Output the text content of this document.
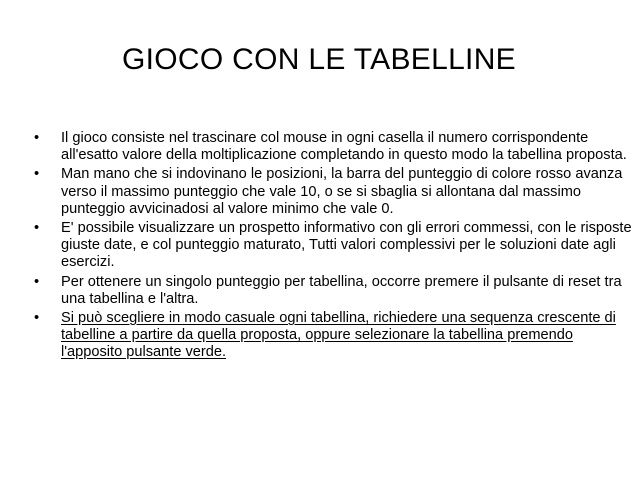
GIOCO CON LE TABELLINE
•	Il gioco consiste nel trascinare col mouse in ogni casella il numero corrispondente all'esatto valore della moltiplicazione completando in questo modo la tabellina proposta.
•	Man mano che si indovinano le posizioni, la barra del punteggio di colore rosso avanza verso il massimo punteggio che vale 10, o se si sbaglia si allontana dal massimo punteggio avvicinadosi al valore minimo che vale 0.
•	E' possibile visualizzare un prospetto informativo con gli errori commessi, con le risposte giuste date, e col punteggio maturato, Tutti valori complessivi per le soluzioni date agli esercizi.
•	Per ottenere un singolo punteggio per tabellina, occorre premere il pulsante di reset tra una tabellina e l'altra.
•	Si può scegliere in modo casuale ogni tabellina, richiedere una sequenza crescente di tabelline a partire da quella proposta, oppure selezionare la tabellina premendo l'apposito pulsante verde.
